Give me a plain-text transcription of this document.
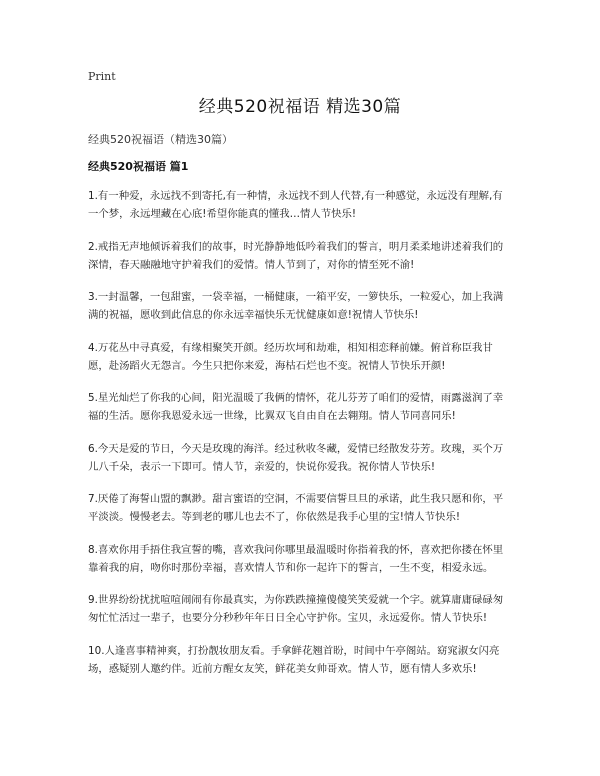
Print
经典520祝福语 精选30篇
经典520祝福语（精选30篇）
经典520祝福语 篇1

1.有一种爱，永远找不到寄托,有一种情，永远找不到人代替,有一种感觉，永远没有理解,有一个梦，永远埋藏在心底!希望你能真的懂我…情人节快乐!

2.戒指无声地倾诉着我们的故事，时光静静地低吟着我们的誓言，明月柔柔地讲述着我们的深情，春天融融地守护着我们的爱情。情人节到了，对你的情至死不渝!

3.一封温馨，一包甜蜜，一袋幸福，一桶健康，一箱平安，一箩快乐，一粒爱心，加上我满满的祝福，愿收到此信息的你永远幸福快乐无忧健康如意!祝情人节快乐!

4.万花丛中寻真爱，有缘相聚笑开颜。经历坎坷和劫难，相知相恋释前嫌。俯首称臣我甘愿，赴汤蹈火无怨言。今生只把你来爱，海枯石烂也不变。祝情人节快乐开颜!

5.星光灿烂了你我的心间，阳光温暖了我俩的情怀，花儿芬芳了咱们的爱情，雨露滋润了幸福的生活。愿你我恩爱永远一世缘，比翼双飞自由自在去翱翔。情人节同喜同乐!

6.今天是爱的节日，今天是玫瑰的海洋。经过秋收冬藏，爱情已经散发芬芳。玫瑰，买个万儿八千朵，表示一下即可。情人节，亲爱的，快说你爱我。祝你情人节快乐!

7.厌倦了海誓山盟的飘渺。甜言蜜语的空洞，不需要信誓旦旦的承诺，此生我只愿和你，平平淡淡。慢慢老去。等到老的哪儿也去不了，你依然是我手心里的宝!情人节快乐!

8.喜欢你用手捂住我宣誓的嘴，喜欢我问你哪里最温暖时你指着我的怀，喜欢把你搂在怀里靠着我的肩，吻你时那份幸福，喜欢情人节和你一起许下的誓言，一生不变，相爱永远。

9.世界纷纷扰扰喧喧闹闹有你最真实，为你跌跌撞撞傻傻笑笑爱就一个字。就算庸庸碌碌匆匆忙忙活过一辈子，也要分分秒秒年年日日全心守护你。宝贝，永远爱你。情人节快乐!

10.人逢喜事精神爽，打扮靓妆朋友看。手拿鲜花翘首盼，时间中午亭阁站。窈窕淑女闪亮场，惑疑别人邀约伴。近前方醒女友笑，鲜花美女帅哥欢。情人节，愿有情人多欢乐!
